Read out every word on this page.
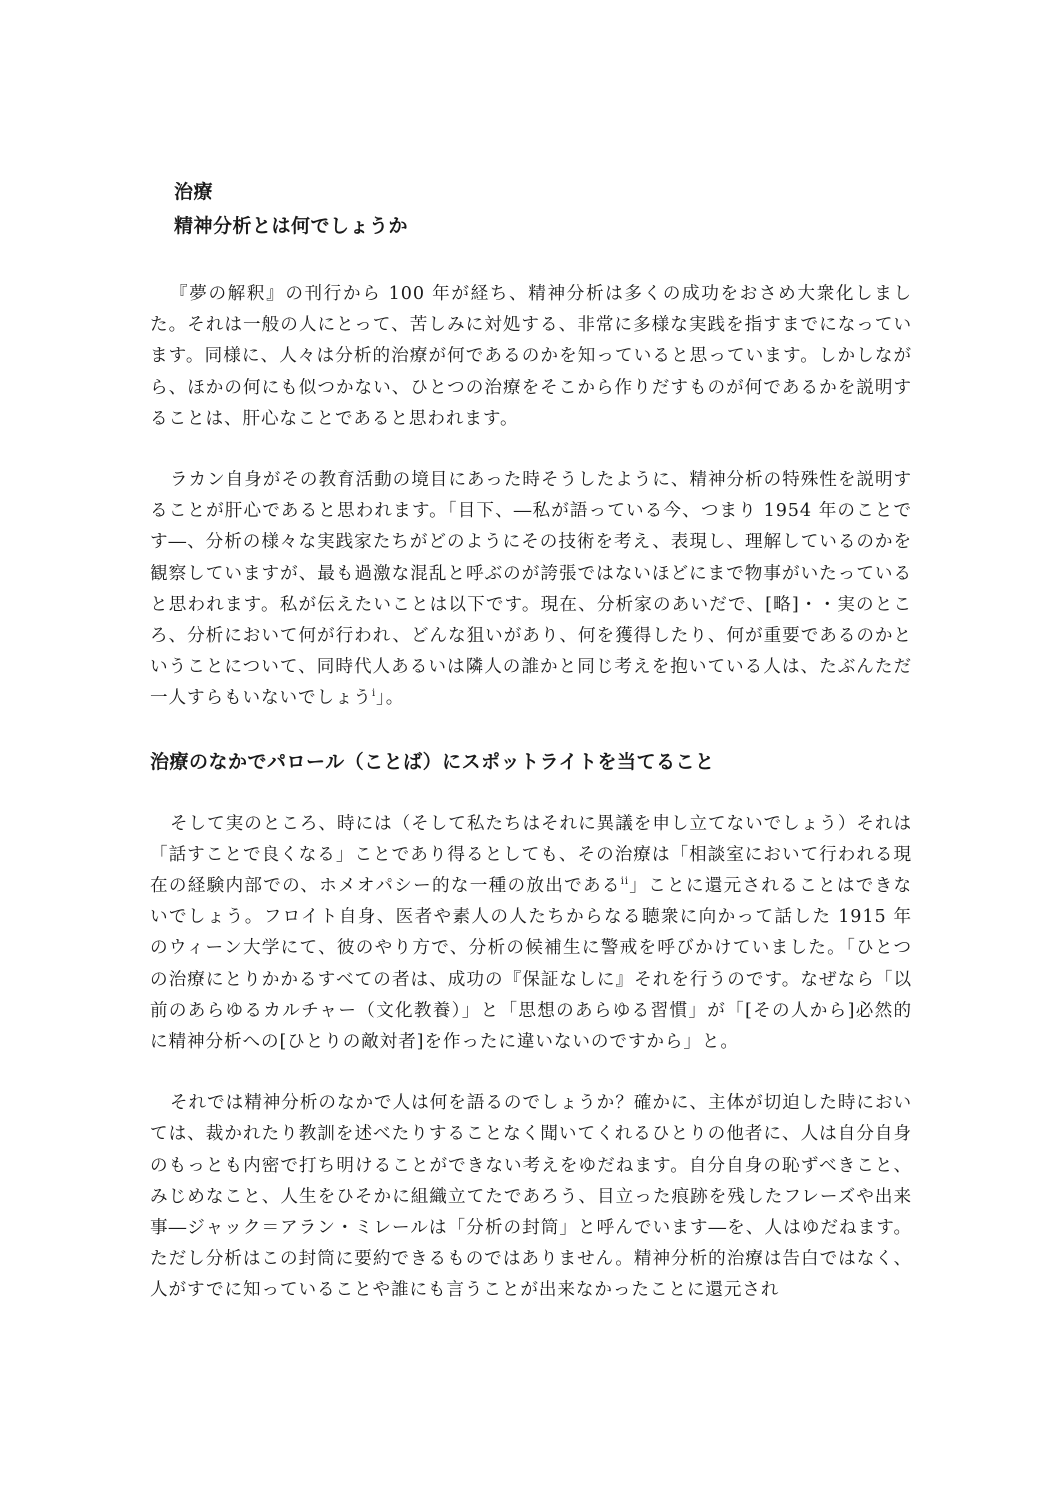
治療
精神分析とは何でしょうか

『夢の解釈』の刊行から 100 年が経ち、精神分析は多くの成功をおさめ大衆化しました。それは一般の人にとって、苦しみに対処する、非常に多様な実践を指すまでになっています。同様に、人々は分析的治療が何であるのかを知っていると思っています。しかしながら、ほかの何にも似つかない、ひとつの治療をそこから作りだすものが何であるかを説明することは、肝心なことであると思われます。

ラカン自身がその教育活動の境目にあった時そうしたように、精神分析の特殊性を説明することが肝心であると思われます。「目下、―私が語っている今、つまり 1954 年のことです―、分析の様々な実践家たちがどのようにその技術を考え、表現し、理解しているのかを観察していますが、最も過激な混乱と呼ぶのが誇張ではないほどにまで物事がいたっていると思われます。私が伝えたいことは以下です。現在、分析家のあいだで、[略]・・実のところ、分析において何が行われ、どんな狙いがあり、何を獲得したり、何が重要であるのかということについて、同時代人あるいは隣人の誰かと同じ考えを抱いている人は、たぶんただ一人すらもいないでしょう$^i$」。

治療のなかでパロール（ことば）にスポットライトを当てること

そして実のところ、時には（そして私たちはそれに異議を申し立てないでしょう）それは「話すことで良くなる」ことであり得るとしても、その治療は「相談室において行われる現在の経験内部での、ホメオパシー的な一種の放出である$^{ii}$」ことに還元されることはできないでしょう。フロイト自身、医者や素人の人たちからなる聴衆に向かって話した 1915 年のウィーン大学にて、彼のやり方で、分析の候補生に警戒を呼びかけていました。「ひとつの治療にとりかかるすべての者は、成功の『保証なしに』それを行うのです。なぜなら「以前のあらゆるカルチャー（文化教養）」と「思想のあらゆる習慣」が「[その人から]必然的に精神分析への[ひとりの敵対者]を作ったに違いないのですから」と。

それでは精神分析のなかで人は何を語るのでしょうか？確かに、主体が切迫した時においては、裁かれたり教訓を述べたりすることなく聞いてくれるひとりの他者に、人は自分自身のもっとも内密で打ち明けることができない考えをゆだねます。自分自身の恥ずべきこと、みじめなこと、人生をひそかに組織立てたであろう、目立った痕跡を残したフレーズや出来事―ジャック＝アラン・ミレールは「分析の封筒」と呼んでいます―を、人はゆだねます。ただし分析はこの封筒に要約できるものではありません。精神分析的治療は告白ではなく、人がすでに知っていることや誰にも言うことが出来なかったことに還元され
